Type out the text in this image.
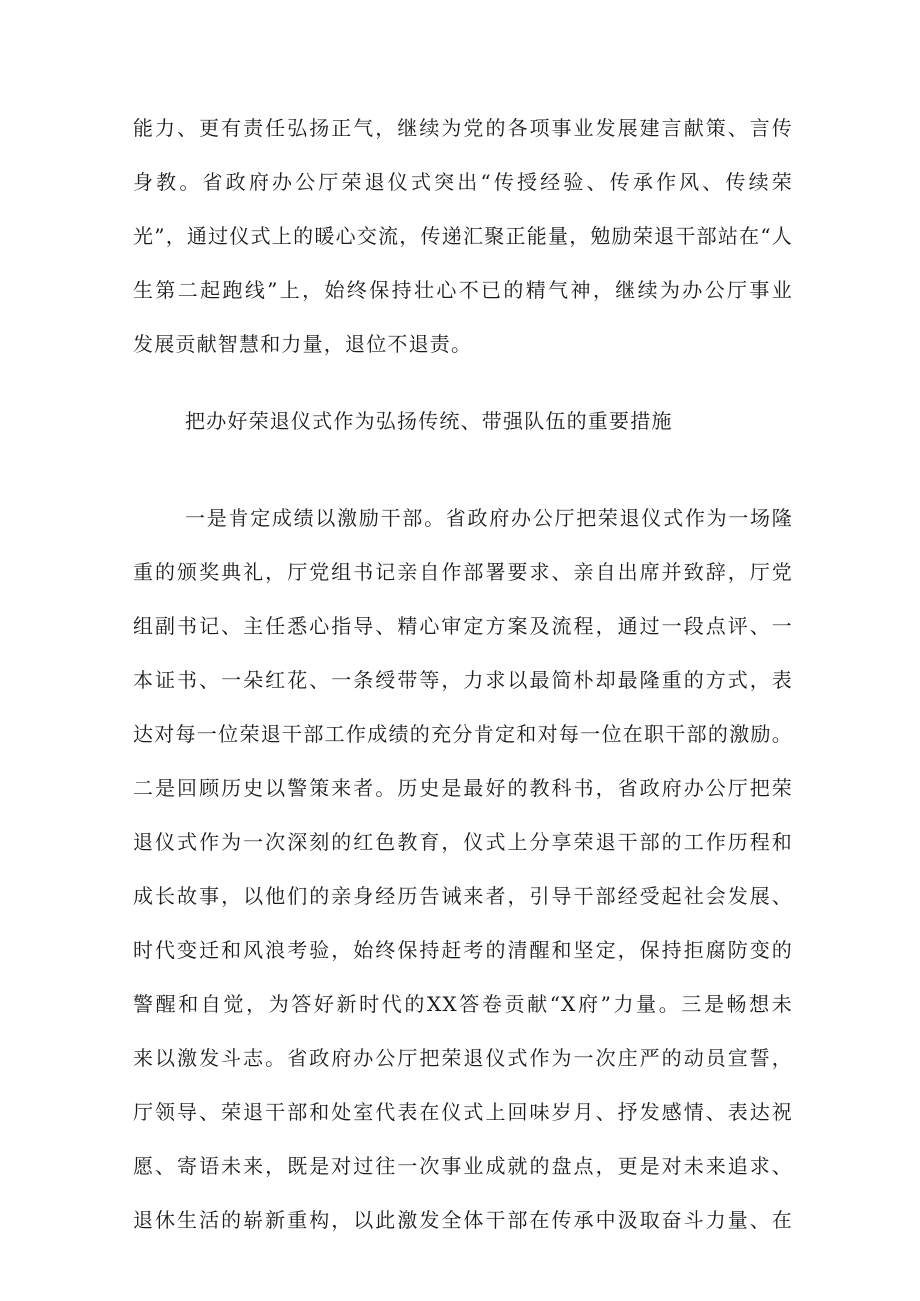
能力、更有责任弘扬正气，继续为党的各项事业发展建言献策、言传
身教。省政府办公厅荣退仪式突出“传授经验、传承作风、传续荣
光”，通过仪式上的暖心交流，传递汇聚正能量，勉励荣退干部站在“人
生第二起跑线”上，始终保持壮心不已的精气神，继续为办公厅事业
发展贡献智慧和力量，退位不退责。
把办好荣退仪式作为弘扬传统、带强队伍的重要措施
一是肯定成绩以激励干部。省政府办公厅把荣退仪式作为一场隆
重的颁奖典礼，厅党组书记亲自作部署要求、亲自出席并致辞，厅党
组副书记、主任悉心指导、精心审定方案及流程，通过一段点评、一
本证书、一朵红花、一条绶带等，力求以最简朴却最隆重的方式，表
达对每一位荣退干部工作成绩的充分肯定和对每一位在职干部的激励。
二是回顾历史以警策来者。历史是最好的教科书，省政府办公厅把荣
退仪式作为一次深刻的红色教育，仪式上分享荣退干部的工作历程和
成长故事，以他们的亲身经历告诫来者，引导干部经受起社会发展、
时代变迁和风浪考验，始终保持赶考的清醒和坚定，保持拒腐防变的
警醒和自觉，为答好新时代的XX答卷贡献“X府”力量。三是畅想未
来以激发斗志。省政府办公厅把荣退仪式作为一次庄严的动员宣誓，
厅领导、荣退干部和处室代表在仪式上回味岁月、抒发感情、表达祝
愿、寄语未来，既是对过往一次事业成就的盘点，更是对未来追求、
退休生活的崭新重构，以此激发全体干部在传承中汲取奋斗力量、在
